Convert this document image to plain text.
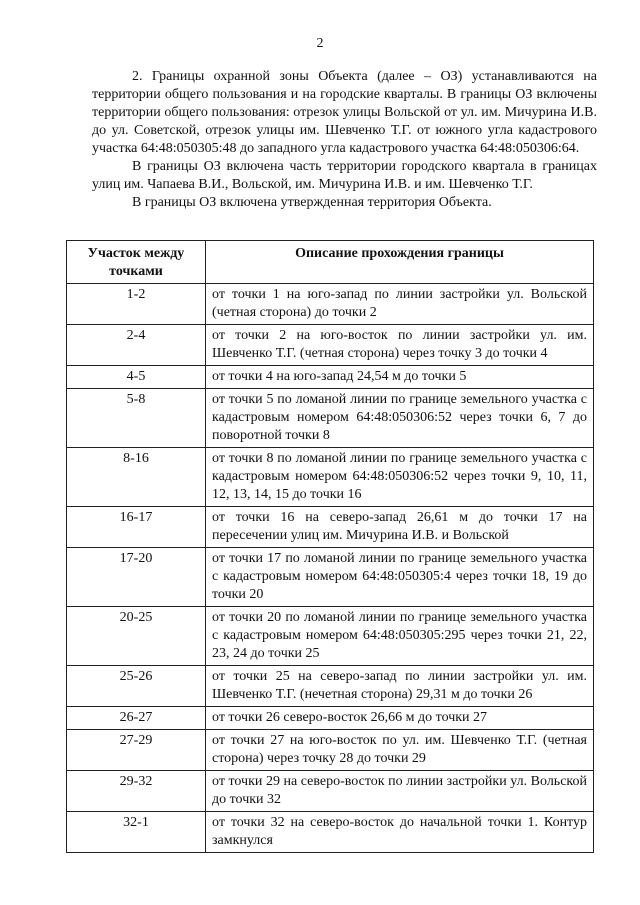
2

2. Границы охранной зоны Объекта (далее – ОЗ) устанавливаются на территории общего пользования и на городские кварталы. В границы ОЗ включены территории общего пользования: отрезок улицы Вольской от ул. им. Мичурина И.В. до ул. Советской, отрезок улицы им. Шевченко Т.Г. от южного угла кадастрового участка 64:48:050305:48 до западного угла кадастрового участка 64:48:050306:64.

В границы ОЗ включена часть территории городского квартала в границах улиц им. Чапаева В.И., Вольской, им. Мичурина И.В. и им. Шевченко Т.Г.

В границы ОЗ включена утвержденная территория Объекта.

Участок между точками	Описание прохождения границы
1-2	от точки 1 на юго-запад по линии застройки ул. Вольской (четная сторона) до точки 2
2-4	от точки 2 на юго-восток по линии застройки ул. им. Шевченко Т.Г. (четная сторона) через точку 3 до точки 4
4-5	от точки 4 на юго-запад 24,54 м до точки 5
5-8	от точки 5 по ломаной линии по границе земельного участка с кадастровым номером 64:48:050306:52 через точки 6, 7 до поворотной точки 8
8-16	от точки 8 по ломаной линии по границе земельного участка с кадастровым номером 64:48:050306:52 через точки 9, 10, 11, 12, 13, 14, 15 до точки 16
16-17	от точки 16 на северо-запад 26,61 м до точки 17 на пересечении улиц им. Мичурина И.В. и Вольской
17-20	от точки 17 по ломаной линии по границе земельного участка с кадастровым номером 64:48:050305:4 через точки 18, 19 до точки 20
20-25	от точки 20 по ломаной линии по границе земельного участка с кадастровым номером 64:48:050305:295 через точки 21, 22, 23, 24 до точки 25
25-26	от точки 25 на северо-запад по линии застройки ул. им. Шевченко Т.Г. (нечетная сторона) 29,31 м до точки 26
26-27	от точки 26 северо-восток 26,66 м до точки 27
27-29	от точки 27 на юго-восток по ул. им. Шевченко Т.Г. (четная сторона) через точку 28 до точки 29
29-32	от точки 29 на северо-восток по линии застройки ул. Вольской до точки 32
32-1	от точки 32 на северо-восток до начальной точки 1. Контур замкнулся
